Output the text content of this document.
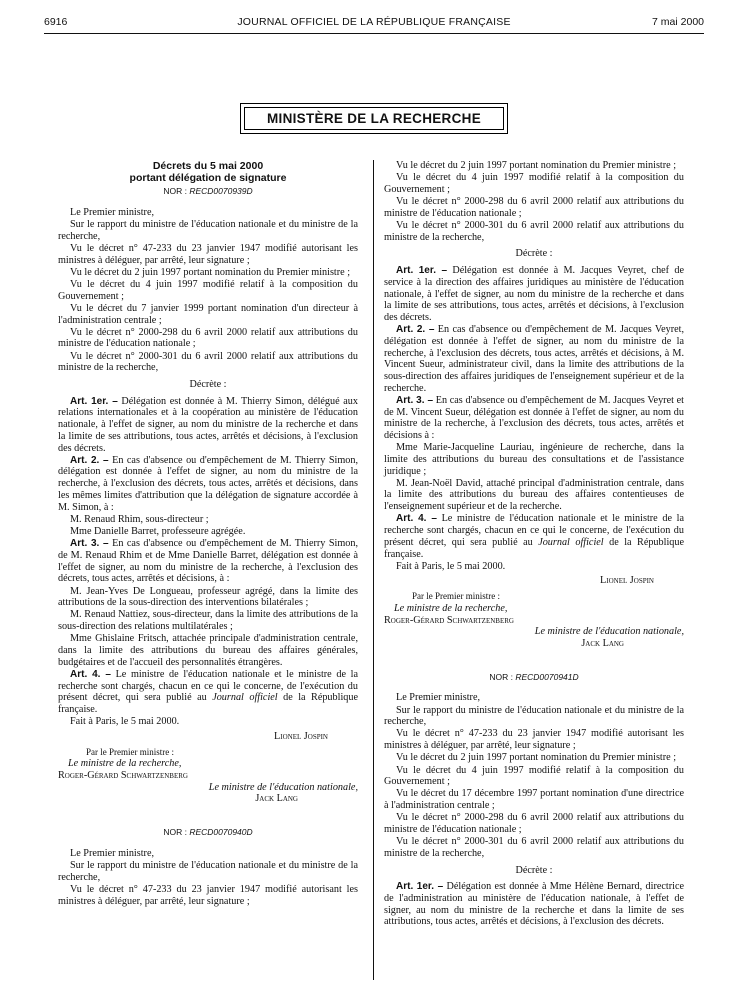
6916	JOURNAL OFFICIEL DE LA RÉPUBLIQUE FRANÇAISE	7 mai 2000
MINISTÈRE DE LA RECHERCHE
Décrets du 5 mai 2000
portant délégation de signature
NOR : RECD0070939D

Le Premier ministre,

Sur le rapport du ministre de l'éducation nationale et du ministre de la recherche,

Vu le décret n° 47-233 du 23 janvier 1947 modifié autorisant les ministres à déléguer, par arrêté, leur signature ;

Vu le décret du 2 juin 1997 portant nomination du Premier ministre ;

Vu le décret du 4 juin 1997 modifié relatif à la composition du Gouvernement ;

Vu le décret du 7 janvier 1999 portant nomination d'un directeur à l'administration centrale ;

Vu le décret n° 2000-298 du 6 avril 2000 relatif aux attributions du ministre de l'éducation nationale ;

Vu le décret n° 2000-301 du 6 avril 2000 relatif aux attributions du ministre de la recherche,

Décrète :

Art. 1er. – Délégation est donnée à M. Thierry Simon, délégué aux relations internationales et à la coopération au ministère de l'éducation nationale, à l'effet de signer, au nom du ministre de la recherche et dans la limite de ses attributions, tous actes, arrêtés et décisions, à l'exclusion des décrets.

Art. 2. – En cas d'absence ou d'empêchement de M. Thierry Simon, délégation est donnée à l'effet de signer, au nom du ministre de la recherche, à l'exclusion des décrets, tous actes, arrêtés et décisions, dans les mêmes limites d'attribution que la délégation de signature accordée à M. Simon, à :

M. Renaud Rhim, sous-directeur ;

Mme Danielle Barret, professeure agrégée.

Art. 3. – En cas d'absence ou d'empêchement de M. Thierry Simon, de M. Renaud Rhim et de Mme Danielle Barret, délégation est donnée à l'effet de signer, au nom du ministre de la recherche, à l'exclusion des décrets, tous actes, arrêtés et décisions, à :

M. Jean-Yves De Longueau, professeur agrégé, dans la limite des attributions de la sous-direction des interventions bilatérales ;

M. Renaud Nattiez, sous-directeur, dans la limite des attributions de la sous-direction des relations multilatérales ;

Mme Ghislaine Fritsch, attachée principale d'administration centrale, dans la limite des attributions du bureau des affaires générales, budgétaires et de l'accueil des personnalités étrangères.

Art. 4. – Le ministre de l'éducation nationale et le ministre de la recherche sont chargés, chacun en ce qui le concerne, de l'exécution du présent décret, qui sera publié au Journal officiel de la République française.

Fait à Paris, le 5 mai 2000.

Lionel Jospin
Par le Premier ministre :
Le ministre de la recherche,
Roger-Gérard Schwartzenberg
Le ministre de l'éducation nationale,
Jack Lang
NOR : RECD0070940D

Le Premier ministre,

Sur le rapport du ministre de l'éducation nationale et du ministre de la recherche,

Vu le décret n° 47-233 du 23 janvier 1947 modifié autorisant les ministres à déléguer, par arrêté, leur signature ;

Vu le décret du 2 juin 1997 portant nomination du Premier ministre ;

Vu le décret du 4 juin 1997 modifié relatif à la composition du Gouvernement ;

Vu le décret n° 2000-298 du 6 avril 2000 relatif aux attributions du ministre de l'éducation nationale ;

Vu le décret n° 2000-301 du 6 avril 2000 relatif aux attributions du ministre de la recherche,

Décrète :

Art. 1er. – Délégation est donnée à M. Jacques Veyret, chef de service à la direction des affaires juridiques au ministère de l'éducation nationale, à l'effet de signer, au nom du ministre de la recherche et dans la limite de ses attributions, tous actes, arrêtés et décisions, à l'exclusion des décrets.

Art. 2. – En cas d'absence ou d'empêchement de M. Jacques Veyret, délégation est donnée à l'effet de signer, au nom du ministre de la recherche, à l'exclusion des décrets, tous actes, arrêtés et décisions, à M. Vincent Sueur, administrateur civil, dans la limite des attributions de la sous-direction des affaires juridiques de l'enseignement supérieur et de la recherche.

Art. 3. – En cas d'absence ou d'empêchement de M. Jacques Veyret et de M. Vincent Sueur, délégation est donnée à l'effet de signer, au nom du ministre de la recherche, à l'exclusion des décrets, tous actes, arrêtés et décisions à :

Mme Marie-Jacqueline Lauriau, ingénieure de recherche, dans la limite des attributions du bureau des consultations et de l'assistance juridique ;

M. Jean-Noël David, attaché principal d'administration centrale, dans la limite des attributions du bureau des affaires contentieuses de l'enseignement supérieur et de la recherche.

Art. 4. – Le ministre de l'éducation nationale et le ministre de la recherche sont chargés, chacun en ce qui le concerne, de l'exécution du présent décret, qui sera publié au Journal officiel de la République française.

Fait à Paris, le 5 mai 2000.

Lionel Jospin
Par le Premier ministre :
Le ministre de la recherche,
Roger-Gérard Schwartzenberg
Le ministre de l'éducation nationale,
Jack Lang
NOR : RECD0070941D

Le Premier ministre,

Sur le rapport du ministre de l'éducation nationale et du ministre de la recherche,

Vu le décret n° 47-233 du 23 janvier 1947 modifié autorisant les ministres à déléguer, par arrêté, leur signature ;

Vu le décret du 2 juin 1997 portant nomination du Premier ministre ;

Vu le décret du 4 juin 1997 modifié relatif à la composition du Gouvernement ;

Vu le décret du 17 décembre 1997 portant nomination d'une directrice à l'administration centrale ;

Vu le décret n° 2000-298 du 6 avril 2000 relatif aux attributions du ministre de l'éducation nationale ;

Vu le décret n° 2000-301 du 6 avril 2000 relatif aux attributions du ministre de la recherche,

Décrète :

Art. 1er. – Délégation est donnée à Mme Hélène Bernard, directrice de l'administration au ministère de l'éducation nationale, à l'effet de signer, au nom du ministre de la recherche et dans la limite de ses attributions, tous actes, arrêtés et décisions, à l'exclusion des décrets.
